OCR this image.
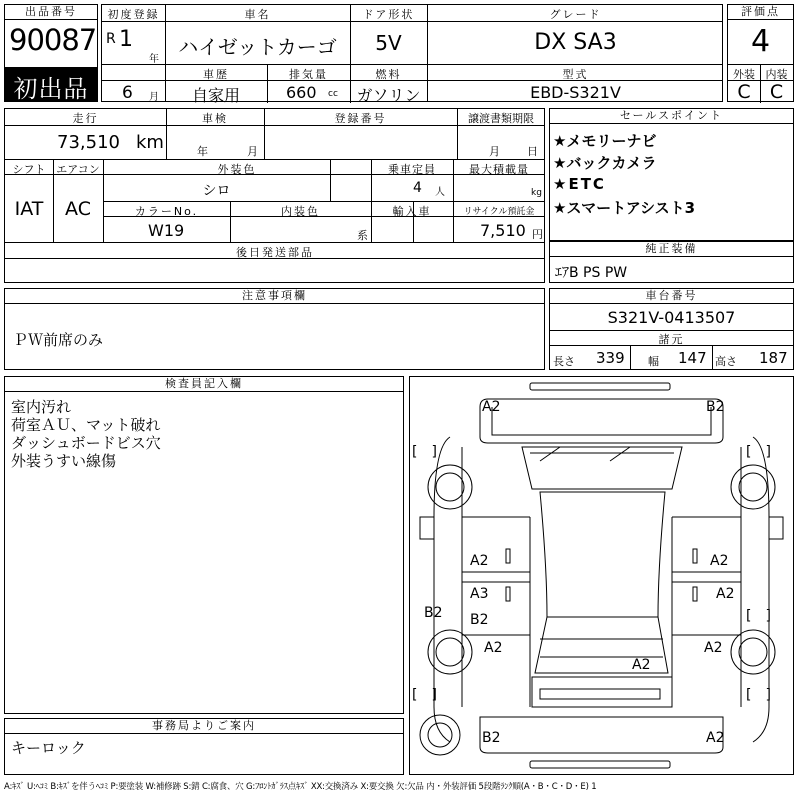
出品番号
90087
初出品
初度登録
R 1
年
6 月
車名
ハイゼットカーゴ
ドア形状
5V
グレード
DX SA3
車歴
自家用
排気量
660 cc
燃料
ガソリン
型式
EBD-S321V
評価点
4
外装 内装
C	C
走行
73,510 km
車検
年	月
登録番号	譲渡書類期限
月 日
シフト
IAT
エアコン
AC
外装色
シロ
乗車定員
4 人
最大積載量
kg
カラーNo.
W19
内装色
系
輸入車	リサイクル預託金
7,510 円
後日発送部品
セールスポイント
★メモリーナビ
★バックカメラ
★ETC
★スマートアシスト3
純正装備
ｴｱB PS PW
注意事項欄
ＰＷ前席のみ
車台番号
S321V-0413507
諸元
長さ 339 幅 147 高さ 187
検査員記入欄
室内汚れ
荷室ＡＵ、マット破れ
ダッシュボードビス穴
外装うすい線傷
事務局よりご案内
キーロック
A2	B2
A2	A2
A3
B2
B2
A2
A2
A2
A2
B2	A2
[　]	[　]
[　]
[　]	[　]
A:ｷｽﾞ U:ﾍｺﾐ B:ｷｽﾞを伴うﾍｺﾐ P:要塗装 W:補修跡 S:錆 C:腐食、穴 G:ﾌﾛﾝﾄｶﾞﾗｽ点ｷｽﾞ XX:交換済み X:要交換 欠:欠品 内・外装評価 5段階ﾗﾝｸ順(A・B・C・D・E) 1
